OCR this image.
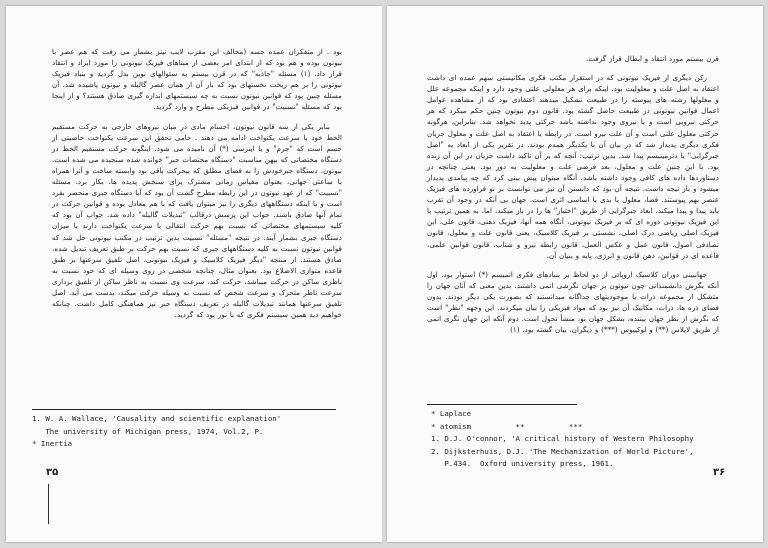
بود . از متفکران عمده جسه (مخالف این مقرب لایب نیتز بشمار می رفت که هم عصر با نیوتون بوده و هم بود که از ابتدای امر بعضی از مبناهای فیزیک نیوتونی را مورد ایراد و انتقاد قرار داد. (۱) مسئله "جاذبه" که در قرن بیستم به سئوالهای نوین بدل گردید و بنیاد فیزیک نیوتونی را بر هم ریخت نخستهای بود که بار آن از همان عصر گالیله و نیوتون پاشیده شد. آن مسئله چنین بود که قوانین نیوتون نسبت به چه سیستمهای اندازه گیری صادق هستند؟ و از اینجا بود که مسئله "نسبیت" در قوانین فیزیکی مطرح و وارد گردید.

بنابر یکی از سه قانون نیوتون، اجسام مادی در میان نیروهای خارجی به حرکت مستقیم الخط خود با سرعت یکنواخت ادامه می دهند . حامی تحقق این سرعت یکنواخت حاصیتی از جسم است که "جرم" و یا اینرسی (*) آن نامیده می شود. اینگونه حرکت مستقیم الخط در دستگاه مختصاتی که بپهن مناسبت "دستگاه مختصات جبر" خوانده شده سنجیده می شده است. نیوتون، دستگاه جبرخودش را به فضای مطلق که بیحرکت باقی بود وابسته ساخت و آنرا همراه با ساعتی جهانی، بعنوان مقیاس زمانی مشترک برای سنجش پدیده ها، بکار برد. مسئله "نسبیت" که از عهد نیوتون در این رابطه مطرح گشت آن بود که آیا دستگاه جبری منحصر بفرد است و یا اینکه دستگاههای دیگری را نیز میتوان یافت که با هم معادل بوده و قوانین حرکت در تمام آنها صادق باشند. جواب این پرسش درقالب "تبدیلات گالیله" داده شد. جواب آن بود که کلیه سیستمهای مختصاتی که نسبت بهم حرکت انتقالی با سرعت یکنواخت دارند با میزان دستگاه جبری بشمار آیند. در نتیجه "مسئله" نسبیت بدین ترتیب در مکتب نیوتونی حل شد که قوانین نیوتون نسبت به کلیه دستگاههای جبری که نسبت بهم حرکت بر طبق تعریف تبدیل شده، صادق هستند. از منتجه "دیگر فیزیک کلاسیک و فیزیک نیوتونی، اصل تلفیق سرعتها بر طبق قاعده متوازی الاضلاع بود. بعنوان مثال، چنانچه شخصی در روی وسیله ای که خود نسبت به ناظری ساکن در حرکت میباشد، حرکت کند، سرعت وی نسبت به ناظر ساکن از تلفیق برداری سرعت ناظر متحرک و سرعت شخص که نسبت به وسیله حرکت میکند، بدست می آید. اصل تلفیق سرعتها همانند تبدیلات گالیله در تعریف دستگاه جبر نیز هماهنگی کامل داشت. چنانکه خواهیم دید همین سیستم فکری که با نور بود که گردید.

1. W. A. Wallace, 'Causality and scientific explanation'
The university of Michigan press, 1974, Vol.2, P.
* Inertia
۳۵

قرن بیستم مورد انتقاد و ابطال قرار گرفت.

رکن دیگری از فیزیک نیوتونی که در استقرار مکتب فکری مکانیستی سهم عمده ای داشت اعتقاد به اصل علت و معلولیت بود. اینکه برای هر معلولی علتی وجود دارد و اینکه مجموعه علل و معلولها رشته های پیوسته را در طبیعت تشکیل میدهند اعتقادی بود که از مشاهده عوامل اعمال قوانین نیوتونی در طبیعت حاصل گشته بود. قانون دوم نیوتون چنین حکم میکرد که هر حرکتی نیرویی است و یا نیروی وجود نداشته باشد حرکتی پدید نخواهد شد. بنابراین، هرگونه حرکتی معلول علتی است و آن علت نیرو است. در رابطه با اعتقاد به اصل علت و معلول جریان فکری دیگری پدیدار شد که در بیان آن با یکدیگر همدم بودند. در تقریر یکی از ابعاد به "اصل جبرگرایی" یا دترمینیسم پیدا شد. بدین ترتیب: آنچه که بر آن تاکید داشت جریان در این آن زنده بود. با این چنین علت و معلول، بعد فرضی علت و معلولیت به دور بود. یعنی چنانچه در دستاوردها داده های کافی وجود داشته باشد، آنگاه میتوان پیش بینی کرد که چه پیامدی پدیدار میشود و باز تیجه داشت. نتیجه آن بود که دانستن آن نیز می توانست بر نو فراورده های فیزیک عنصر بهم پیوستند. فضا، معلول یا بدی یا اساسی اثری است. جهان بی آنکه در وجود آن تقرب یابد پیدا و پیدا میکند. ابعاد جبرگرایی از طریق "اختیار" ها را در باز میکند، اما، به همین ترتیب با این فیزیک نیوتونی دوره ای که بر فیزیک نیوتونی، آنگاه همه آنها، فیزیک ذهنی، قانون علی، این فیزیک اصلی ریاضی درک اصلی، نشستی بر فیزیک کلاسیک، یعنی قانون علت و معلول، قانون تصادفی اصول، قانون عمل و عکس العمل، قانون رابطه نیرو و شتاب، قانون قوانین علمی، قاعده ای در قوانین، ذهن قانون و انرژی، پایه و بنیان آن.

جهانبینی دوران کلاسیک اروپائی از دو لحاظ بر بنیادهای فکری اتمیسم (*) استوار بود. اول آنکه بگرش دانشمندانی چون نیوتون بر جهان نگرشی اتمی داشتند. بدین معنی که آنان جهان را متشکل از مجموعه ذرات یا موجودیتهای جداگانه میدانستند که بصورت یکی دیگر بودند. بدون فضای ذره ها، ذرات، مکانیک آن نیز بود که مواد فیزیکی را بیان میکردند. این وجهه "نظر" است که نگرش از نظر جهان بیننده، بشکل جهان نو، منشأ تحول است. دوم آنکه این جهان نگری اتمی از طریق لاپلاس (**) و لوکیپوس (***) و دیگران، بیان گشته بود. (۱)

* Laplace
* atomism          **          ***
1. D.J. O'connor, 'A critical history of Western Philosophy
2. Dijksterhuis, D.J. 'The Mechanization of World Picture',
P.434.  Oxford university press, 1961.
۳۶
